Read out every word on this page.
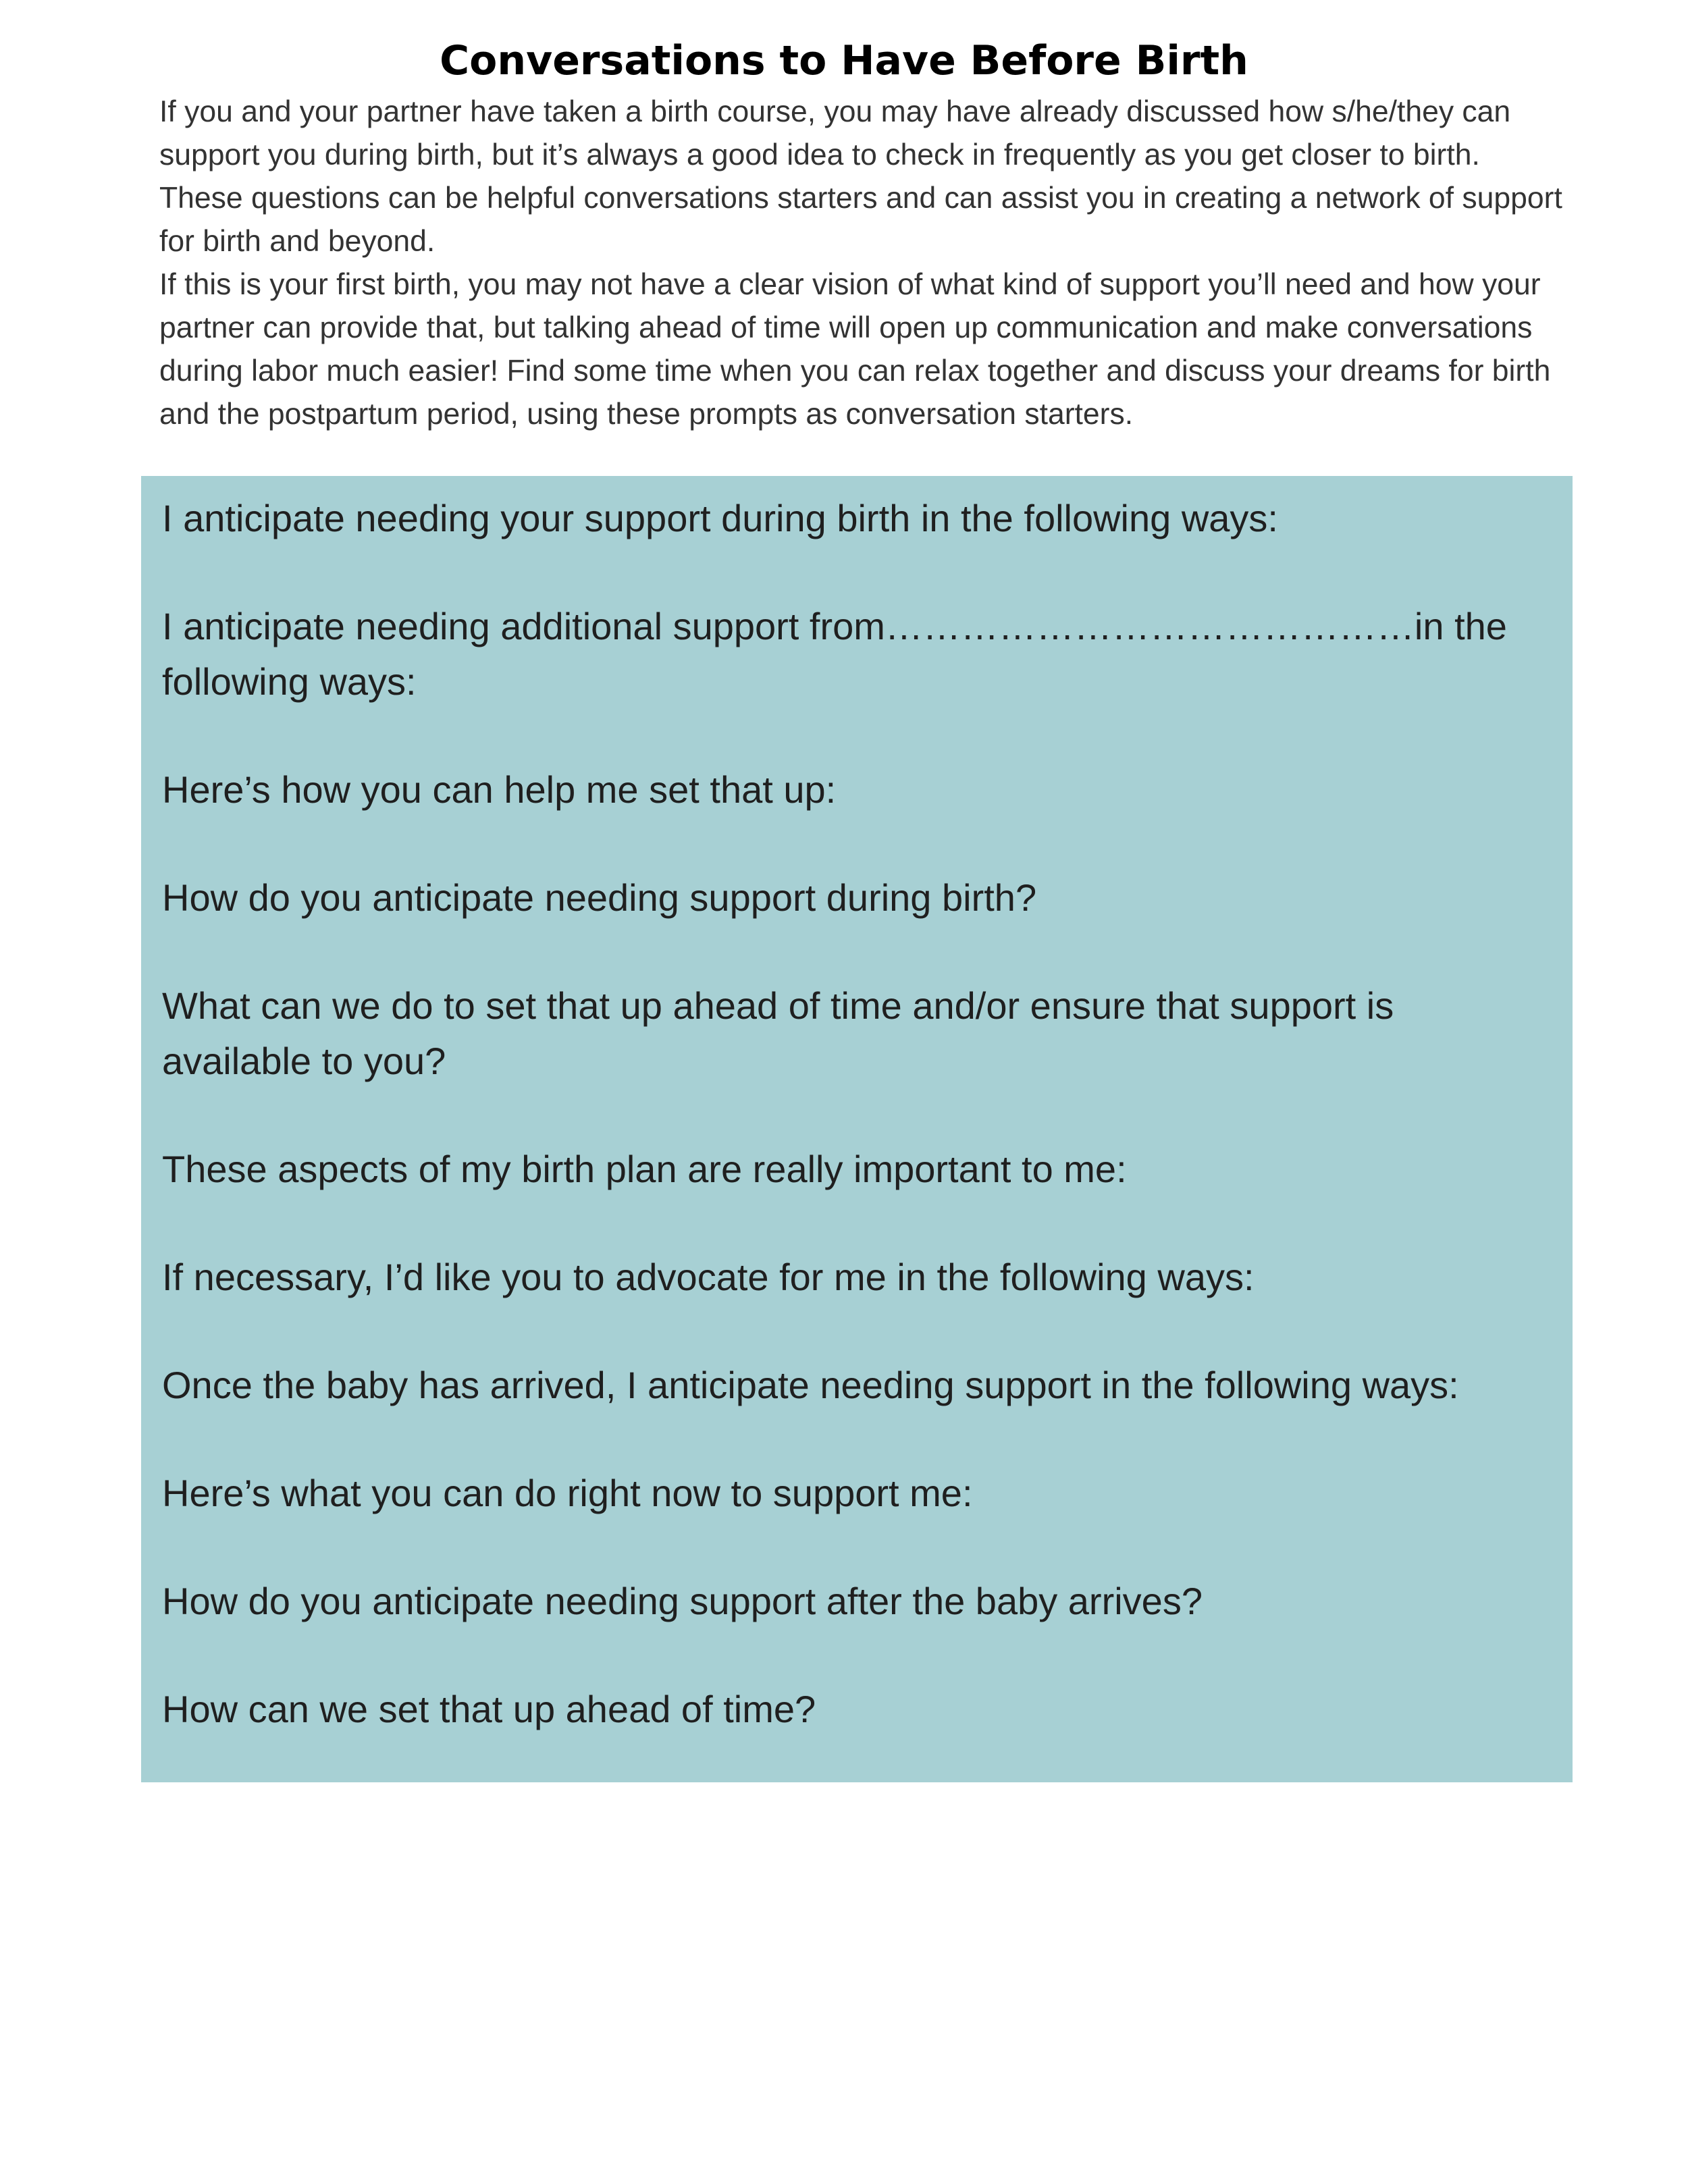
Conversations to Have Before Birth

If you and your partner have taken a birth course, you may have already discussed how s/he/they can support you during birth, but it’s always a good idea to check in frequently as you get closer to birth. These questions can be helpful conversations starters and can assist you in creating a network of support for birth and beyond.

If this is your first birth, you may not have a clear vision of what kind of support you’ll need and how your partner can provide that, but talking ahead of time will open up communication and make conversations during labor much easier! Find some time when you can relax together and discuss your dreams for birth and the postpartum period, using these prompts as conversation starters.

I anticipate needing your support during birth in the following ways:
I anticipate needing additional support from……………………………………in the following ways:
Here’s how you can help me set that up:
How do you anticipate needing support during birth?
What can we do to set that up ahead of time and/or ensure that support is available to you?
These aspects of my birth plan are really important to me:
If necessary, I’d like you to advocate for me in the following ways:
Once the baby has arrived, I anticipate needing support in the following ways:
Here’s what you can do right now to support me:
How do you anticipate needing support after the baby arrives?
How can we set that up ahead of time?
